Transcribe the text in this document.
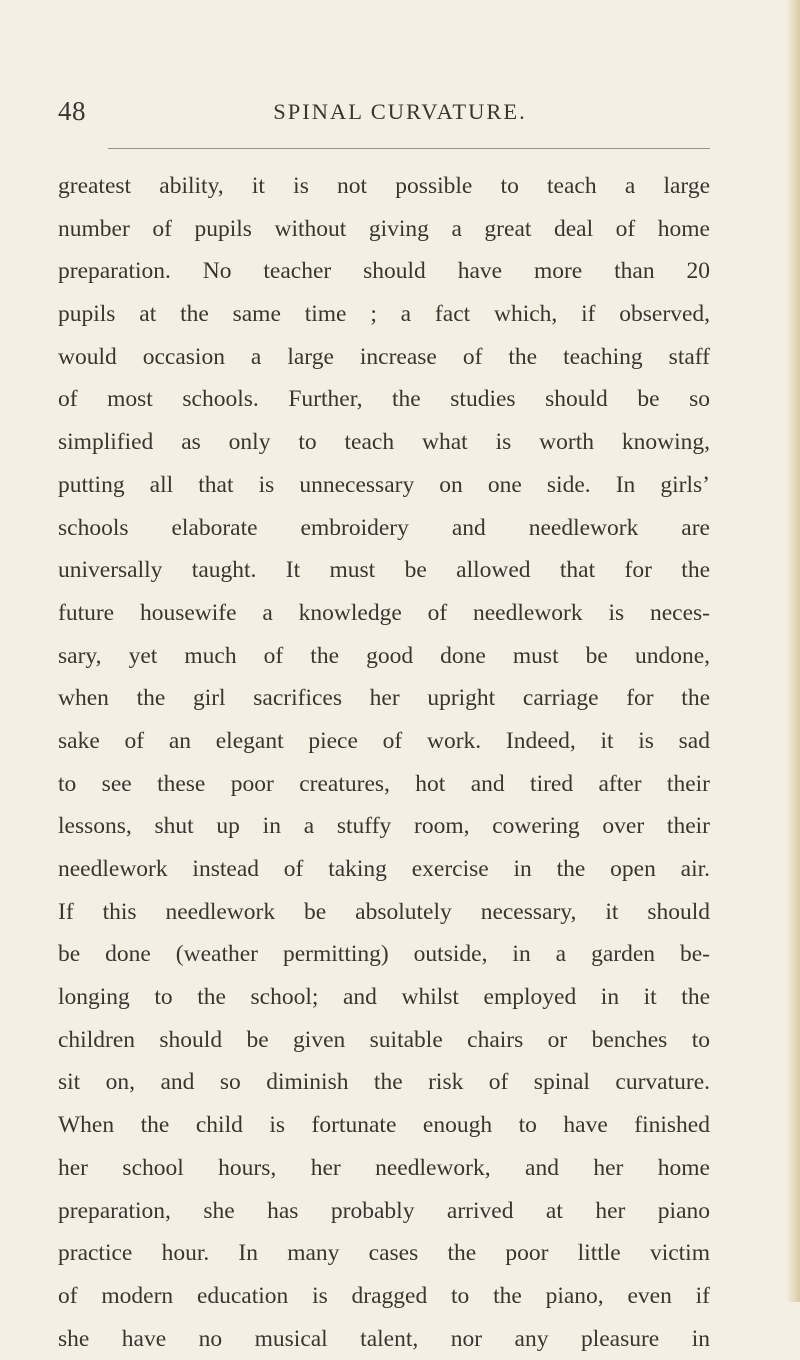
48	SPINAL CURVATURE.
greatest ability, it is not possible to teach a large
number of pupils without giving a great deal of home
preparation. No teacher should have more than 20
pupils at the same time ; a fact which, if observed,
would occasion a large increase of the teaching staff
of most schools. Further, the studies should be so
simplified as only to teach what is worth knowing,
putting all that is unnecessary on one side. In girls’
schools elaborate embroidery and needlework are
universally taught. It must be allowed that for the
future housewife a knowledge of needlework is neces-
sary, yet much of the good done must be undone,
when the girl sacrifices her upright carriage for the
sake of an elegant piece of work. Indeed, it is sad
to see these poor creatures, hot and tired after their
lessons, shut up in a stuffy room, cowering over their
needlework instead of taking exercise in the open air.
If this needlework be absolutely necessary, it should
be done (weather permitting) outside, in a garden be-
longing to the school; and whilst employed in it the
children should be given suitable chairs or benches to
sit on, and so diminish the risk of spinal curvature.
When the child is fortunate enough to have finished
her school hours, her needlework, and her home
preparation, she has probably arrived at her piano
practice hour. In many cases the poor little victim
of modern education is dragged to the piano, even if
she have no musical talent, nor any pleasure in
